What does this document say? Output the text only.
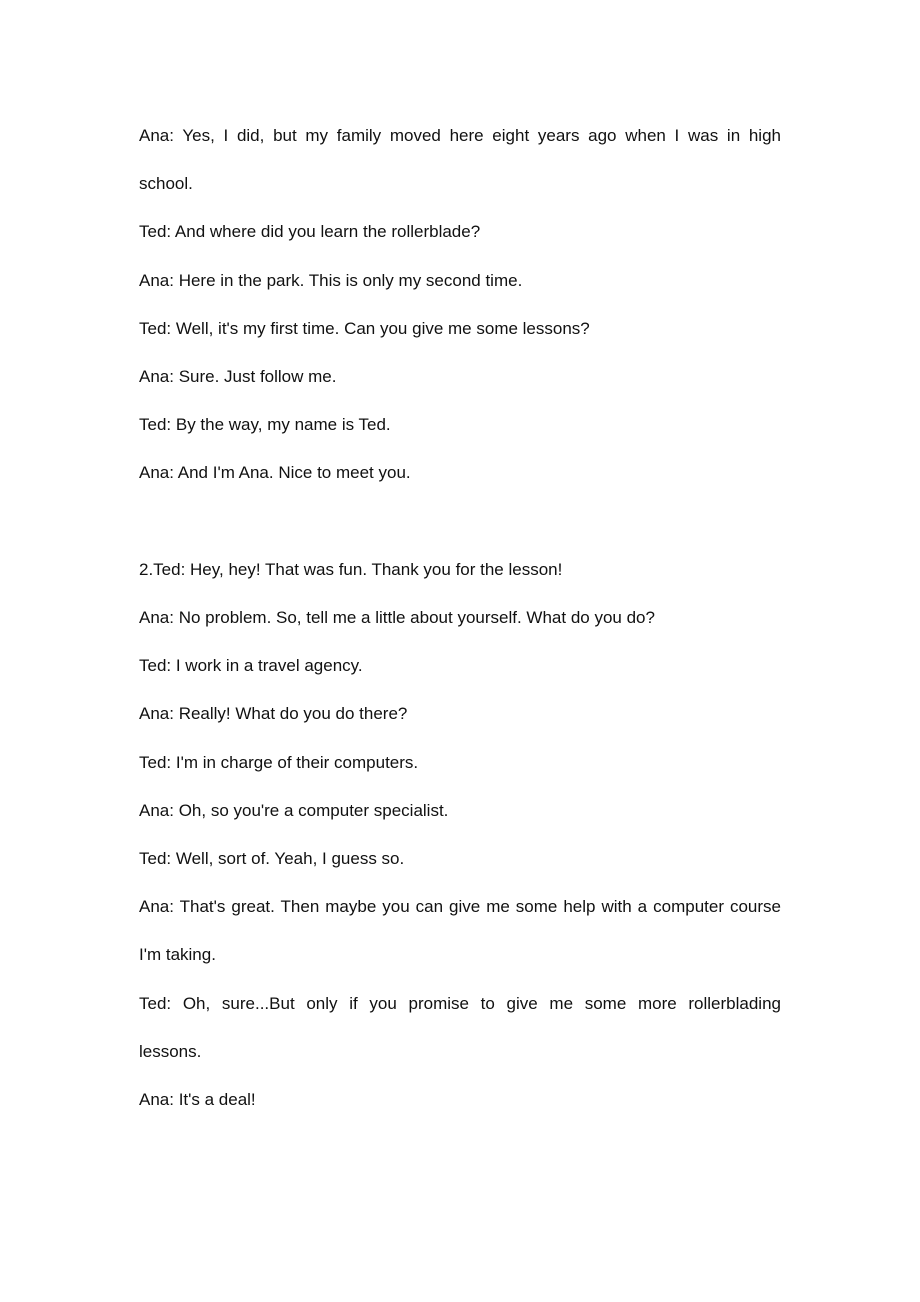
Ana: Yes, I did, but my family moved here eight years ago when I was in high
school.
Ted: And where did you learn the rollerblade?
Ana: Here in the park. This is only my second time.
Ted: Well, it's my first time. Can you give me some lessons?
Ana: Sure. Just follow me.
Ted: By the way, my name is Ted.
Ana: And I'm Ana. Nice to meet you.
2.Ted: Hey, hey! That was fun. Thank you for the lesson!
Ana: No problem. So, tell me a little about yourself. What do you do?
Ted: I work in a travel agency.
Ana: Really! What do you do there?
Ted: I'm in charge of their computers.
Ana: Oh, so you're a computer specialist.
Ted: Well, sort of. Yeah, I guess so.
Ana: That's great. Then maybe you can give me some help with a computer course
I'm taking.
Ted: Oh, sure...But only if you promise to give me some more rollerblading
lessons.
Ana: It's a deal!
